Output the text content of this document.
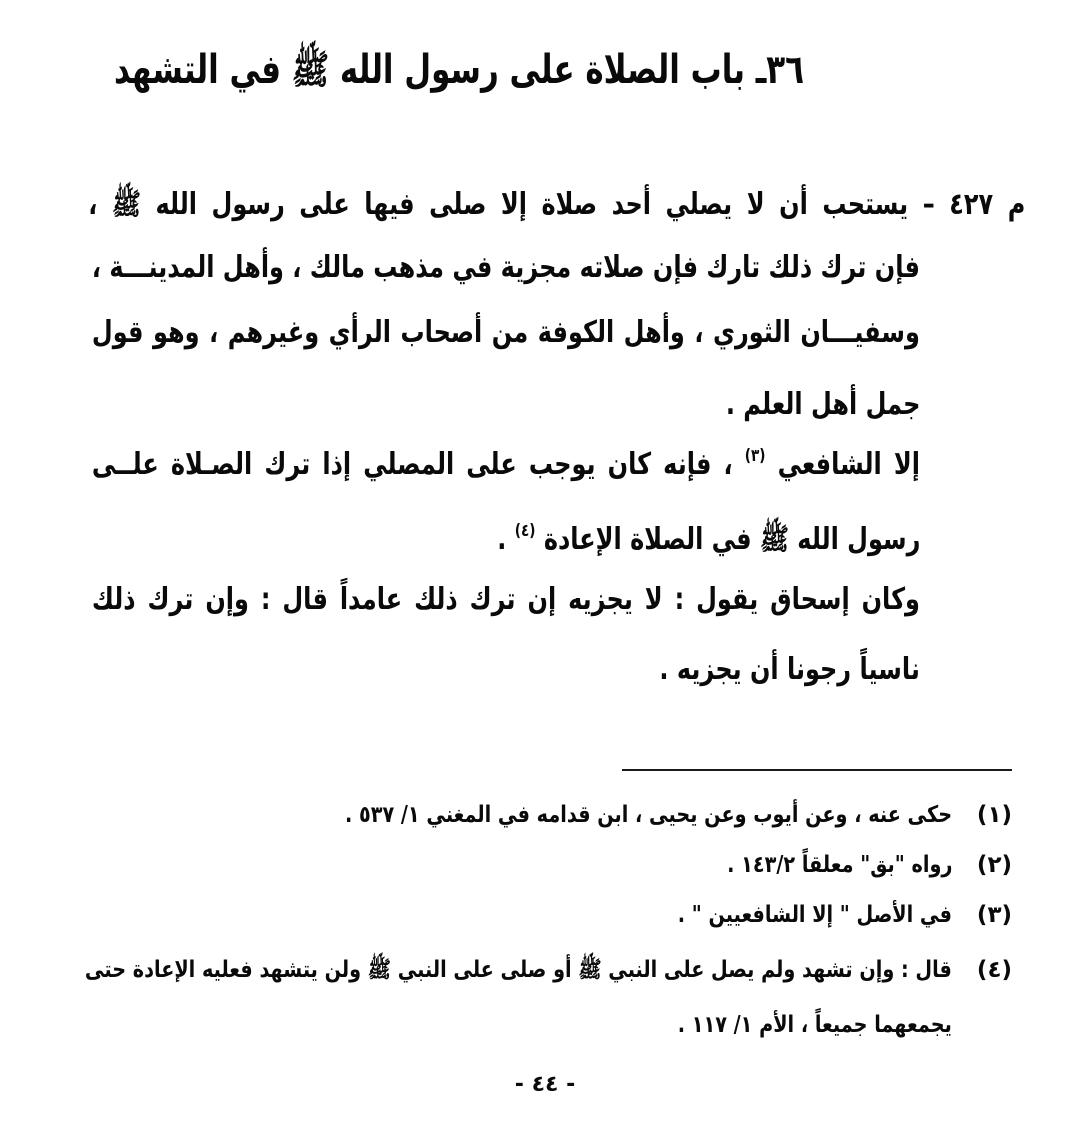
٣٦ـ باب الصلاة على رسول الله ﷺ في التشهد
م ٤٢٧ – يستحب أن لا يصلي أحد صلاة إلا صلى فيها على رسول الله ﷺ ،
فإن ترك ذلك تارك فإن صلاته مجزية في مذهب مالك ، وأهل المدينـــة ،
وسفيـــان الثوري ، وأهل الكوفة من أصحاب الرأي وغيرهم ، وهو قول
جمل أهل العلم .
إلا الشافعي $^{(٣)}$ ، فإنه كان يوجب على المصلي إذا ترك الصـلاة علــى
رسول الله ﷺ في الصلاة الإعادة $^{(٤)}$ .
وكان إسحاق يقول : لا يجزيه إن ترك ذلك عامداً قال : وإن ترك ذلك
ناسياً رجونا أن يجزيه .
(١)
حكى عنه ، وعن أيوب وعن يحيى ، ابن قدامه في المغني ١/ ٥٣٧ .
(٢)
رواه "بق" معلقاً ١٤٣/٢ .
(٣)
في الأصل " إلا الشافعيين " .
(٤)
قال : وإن تشهد ولم يصل على النبي ﷺ أو صلى على النبي ﷺ ولن يتشهد فعليه الإعادة حتى
يجمعهما جميعاً ، الأم ١/ ١١٧ .
- ٤٤ -
